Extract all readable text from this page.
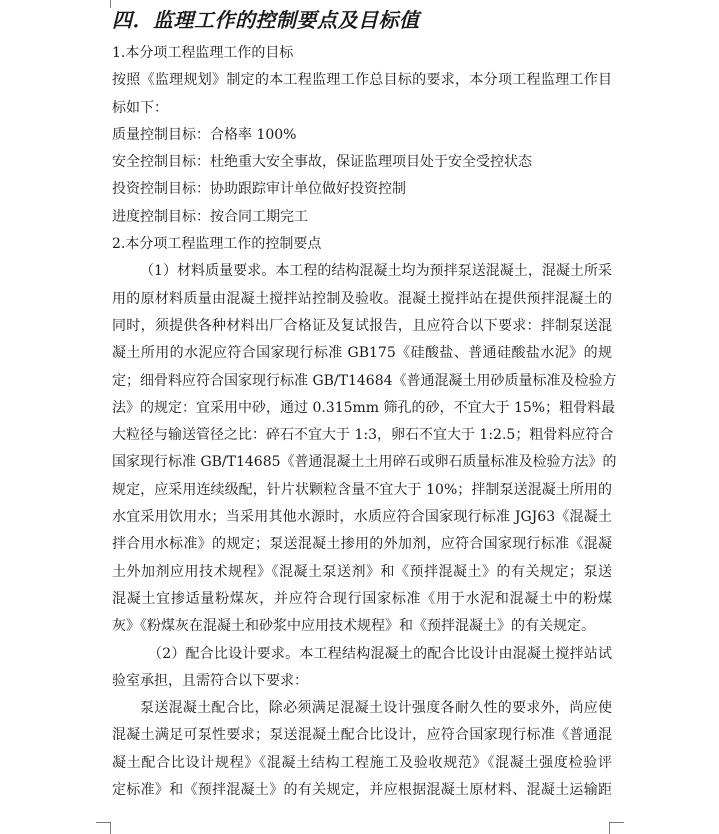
四．监理工作的控制要点及目标值
1.本分项工程监理工作的目标
按照《监理规划》制定的本工程监理工作总目标的要求，本分项工程监理工作目
标如下：
质量控制目标：合格率 100%
安全控制目标：杜绝重大安全事故，保证监理项目处于安全受控状态
投资控制目标：协助跟踪审计单位做好投资控制
进度控制目标：按合同工期完工
2.本分项工程监理工作的控制要点
（1）材料质量要求。本工程的结构混凝土均为预拌泵送混凝土，混凝土所采
用的原材料质量由混凝土搅拌站控制及验收。混凝土搅拌站在提供预拌混凝土的
同时，须提供各种材料出厂合格证及复试报告，且应符合以下要求：拌制泵送混
凝土所用的水泥应符合国家现行标准 GB175《硅酸盐、普通硅酸盐水泥》的规
定；细骨料应符合国家现行标准 GB/T14684《普通混凝土用砂质量标准及检验方
法》的规定：宜采用中砂，通过 0.315mm 筛孔的砂，不宜大于 15%；粗骨料最
大粒径与输送管径之比：碎石不宜大于 1:3，卵石不宜大于 1:2.5；粗骨料应符合
国家现行标准 GB/T14685《普通混凝土土用碎石或卵石质量标准及检验方法》的
规定，应采用连续级配，针片状颗粒含量不宜大于 10%；拌制泵送混凝土所用的
水宜采用饮用水；当采用其他水源时，水质应符合国家现行标准 JGJ63《混凝土
拌合用水标准》的规定；泵送混凝土掺用的外加剂，应符合国家现行标准《混凝
土外加剂应用技术规程》《混凝土泵送剂》和《预拌混凝土》的有关规定；泵送
混凝土宜掺适量粉煤灰，并应符合现行国家标准《用于水泥和混凝土中的粉煤
灰》《粉煤灰在混凝土和砂浆中应用技术规程》和《预拌混凝土》的有关规定。
（2）配合比设计要求。本工程结构混凝土的配合比设计由混凝土搅拌站试
验室承担，且需符合以下要求：
泵送混凝土配合比，除必须满足混凝土设计强度各耐久性的要求外，尚应使
混凝土满足可泵性要求；泵送混凝土配合比设计，应符合国家现行标准《普通混
凝土配合比设计规程》《混凝土结构工程施工及验收规范》《混凝土强度检验评
定标准》和《预拌混凝土》的有关规定，并应根据混凝土原材料、混凝土运输距
